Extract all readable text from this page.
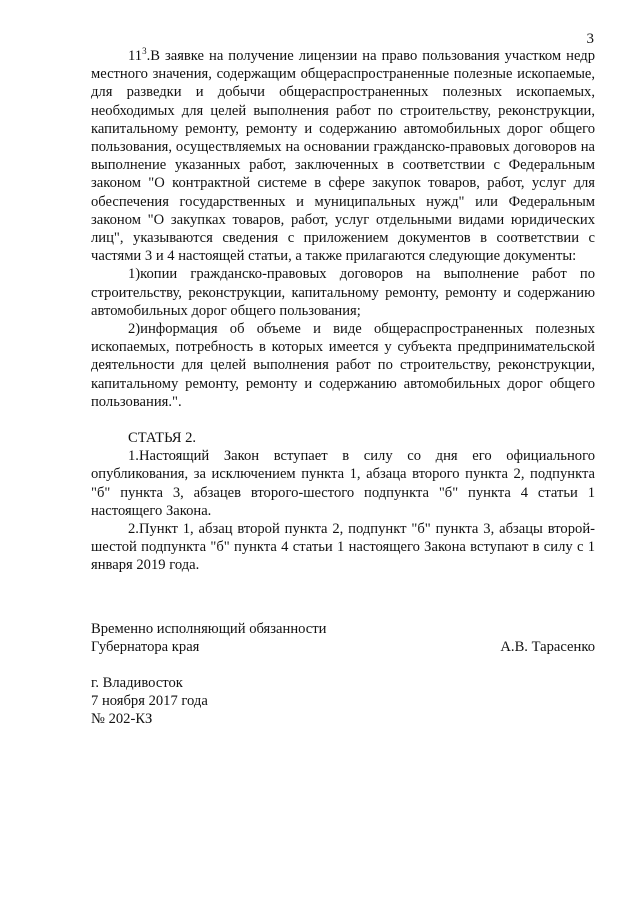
3

$11^3.В$ заявке на получение лицензии на право пользования участком недр местного значения, содержащим общераспространенные полезные ископаемые, для разведки и добычи общераспространенных полезных ископаемых, необходимых для целей выполнения работ по строительству, реконструкции, капитальному ремонту, ремонту и содержанию автомобильных дорог общего пользования, осуществляемых на основании гражданско-правовых договоров на выполнение указанных работ, заключенных в соответствии с Федеральным законом "О контрактной системе в сфере закупок товаров, работ, услуг для обеспечения государственных и муниципальных нужд" или Федеральным законом "О закупках товаров, работ, услуг отдельными видами юридических лиц", указываются сведения с приложением документов в соответствии с частями 3 и 4 настоящей статьи, а также прилагаются следующие документы:

1)копии гражданско-правовых договоров на выполнение работ по строительству, реконструкции, капитальному ремонту, ремонту и содержанию автомобильных дорог общего пользования;

2)информация об объеме и виде общераспространенных полезных ископаемых, потребность в которых имеется у субъекта предпринимательской деятельности для целей выполнения работ по строительству, реконструкции, капитальному ремонту, ремонту и содержанию автомобильных дорог общего пользования.".

СТАТЬЯ 2.

1.Настоящий Закон вступает в силу со дня его официального опубликования, за исключением пункта 1, абзаца второго пункта 2, подпункта "б" пункта 3, абзацев второго-шестого подпункта "б" пункта 4 статьи 1 настоящего Закона.

2.Пункт 1, абзац второй пункта 2, подпункт "б" пункта 3, абзацы второй-шестой подпункта "б" пункта 4 статьи 1 настоящего Закона вступают в силу с 1 января 2019 года.

Временно исполняющий обязанности
Губернатора края	А.В. Тарасенко
г. Владивосток
7 ноября 2017 года
№ 202-КЗ
